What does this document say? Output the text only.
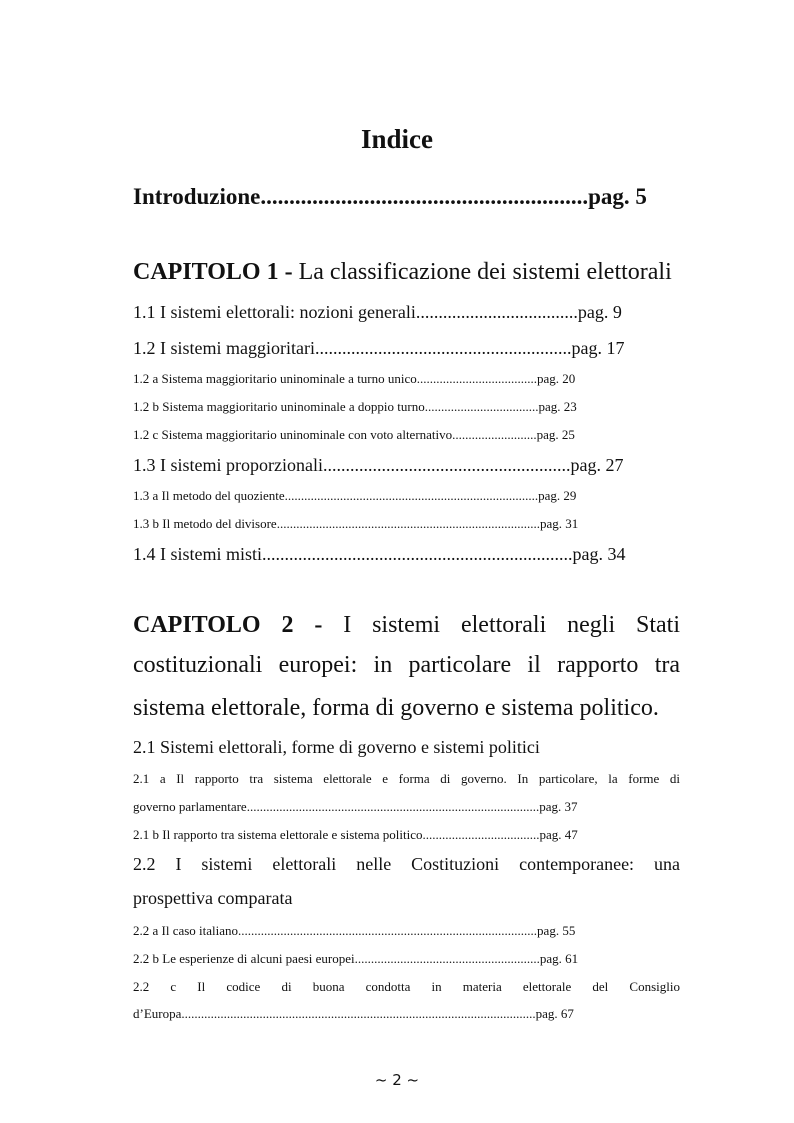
Indice
Introduzione.........................................................pag. 5
CAPITOLO 1 - La classificazione dei sistemi elettorali
1.1 I sistemi elettorali: nozioni generali....................................pag. 9
1.2 I sistemi maggioritari.........................................................pag. 17
1.2 a Sistema maggioritario uninominale a turno unico.....................................pag. 20
1.2 b Sistema maggioritario uninominale a doppio turno...................................pag. 23
1.2 c Sistema maggioritario uninominale con voto alternativo..........................pag. 25
1.3 I sistemi proporzionali.......................................................pag. 27
1.3 a Il metodo del quoziente..............................................................................pag. 29
1.3 b Il metodo del divisore.................................................................................pag. 31
1.4 I sistemi misti.....................................................................pag. 34
CAPITOLO 2 - I sistemi elettorali negli Stati
costituzionali europei: in particolare il rapporto tra
sistema elettorale, forma di governo e sistema politico.
2.1 Sistemi elettorali, forme di governo e sistemi politici
2.1 a Il rapporto tra sistema elettorale e forma di governo. In particolare, la forme di
governo parlamentare..........................................................................................pag. 37
2.1 b Il rapporto tra sistema elettorale e sistema politico....................................pag. 47
2.2 I sistemi elettorali nelle Costituzioni contemporanee: una
prospettiva comparata
2.2 a Il caso italiano............................................................................................pag. 55
2.2 b Le esperienze di alcuni paesi europei.........................................................pag. 61
2.2 c Il codice di buona condotta in materia elettorale del Consiglio
d’Europa.............................................................................................................pag. 67
~ 2 ~
